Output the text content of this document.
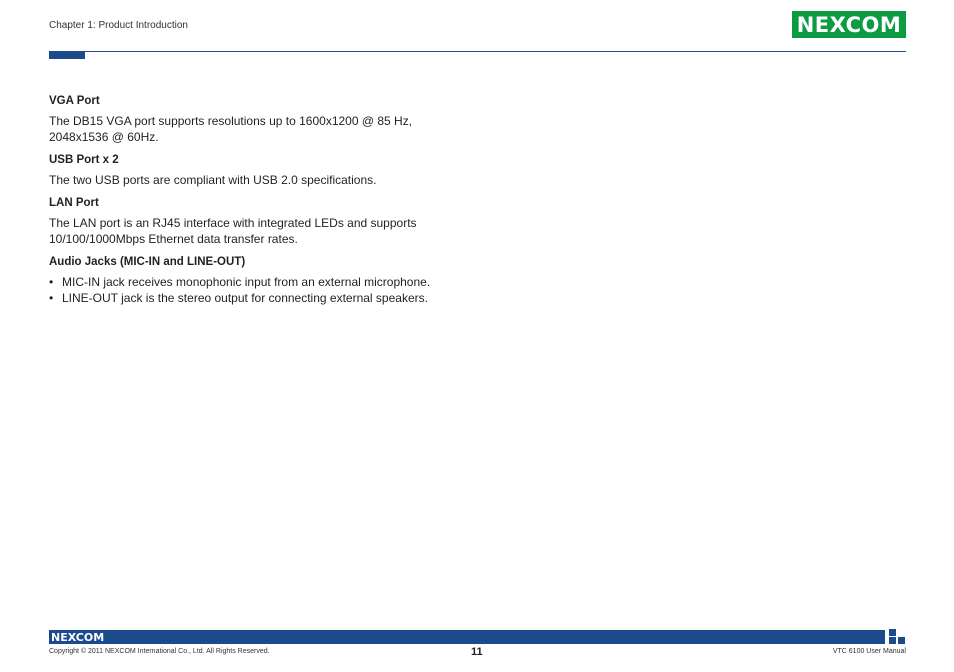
Chapter 1: Product Introduction	NEXCOM

VGA Port

The DB15 VGA port supports resolutions up to 1600x1200 @ 85 Hz,
2048x1536 @ 60Hz.

USB Port x 2

The two USB ports are compliant with USB 2.0 specifications.

LAN Port

The LAN port is an RJ45 interface with integrated LEDs and supports
10/100/1000Mbps Ethernet data transfer rates.

Audio Jacks (MIC-IN and LINE-OUT)

• MIC-IN jack receives monophonic input from an external microphone.
• LINE-OUT jack is the stereo output for connecting external speakers.
NEXCOM
Copyright © 2011 NEXCOM International Co., Ltd. All Rights Reserved.	11	VTC 6100 User Manual
